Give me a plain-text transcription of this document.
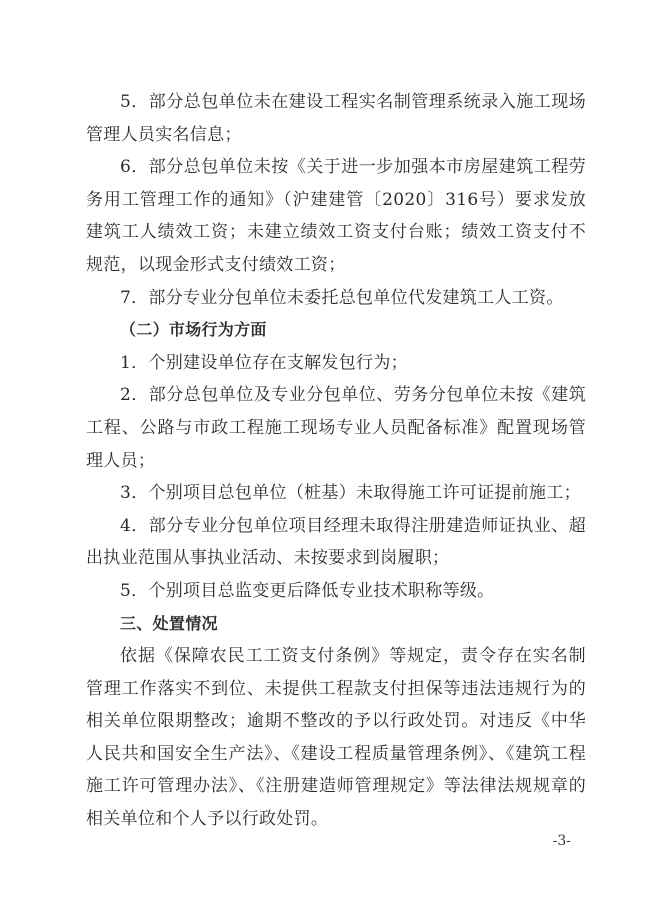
5．部分总包单位未在建设工程实名制管理系统录入施工现场管理人员实名信息；

6．部分总包单位未按《关于进一步加强本市房屋建筑工程劳务用工管理工作的通知》（沪建建管〔2020〕316号）要求发放建筑工人绩效工资；未建立绩效工资支付台账；绩效工资支付不规范，以现金形式支付绩效工资；

7．部分专业分包单位未委托总包单位代发建筑工人工资。

（二）市场行为方面

1．个别建设单位存在支解发包行为；

2．部分总包单位及专业分包单位、劳务分包单位未按《建筑工程、公路与市政工程施工现场专业人员配备标准》配置现场管理人员；

3．个别项目总包单位（桩基）未取得施工许可证提前施工；

4．部分专业分包单位项目经理未取得注册建造师证执业、超出执业范围从事执业活动、未按要求到岗履职；

5．个别项目总监变更后降低专业技术职称等级。

三、处置情况

依据《保障农民工工资支付条例》等规定，责令存在实名制管理工作落实不到位、未提供工程款支付担保等违法违规行为的相关单位限期整改；逾期不整改的予以行政处罚。对违反《中华人民共和国安全生产法》、《建设工程质量管理条例》、《建筑工程施工许可管理办法》、《注册建造师管理规定》等法律法规规章的相关单位和个人予以行政处罚。

-3-
